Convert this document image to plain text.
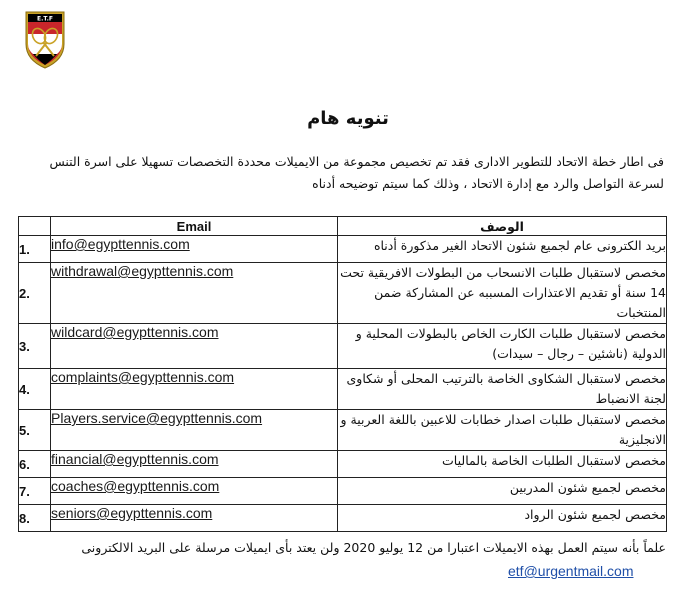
E.T.F
تنويه هام
فى اطار خطة الاتحاد للتطوير الادارى فقد تم تخصيص مجموعة من الايميلات محددة التخصصات تسهيلا على اسرة التنس لسرعة التواصل والرد مع إدارة الاتحاد ، وذلك كما سيتم توضيحه أدناه
	Email	الوصف
1.	info@egypttennis.com	بريد الكترونى عام لجميع شئون الاتحاد الغير مذكورة أدناه
2.	withdrawal@egypttennis.com	مخصص لاستقبال طلبات الانسحاب من البطولات الافريقية تحت 14 سنة أو تقديم الاعتذارات المسببه عن المشاركة ضمن المنتخبات
3.	wildcard@egypttennis.com	مخصص لاستقبال طلبات الكارت الخاص بالبطولات المحلية و الدولية (ناشئين – رجال – سيدات)
4.	complaints@egypttennis.com	مخصص لاستقبال الشكاوى الخاصة بالترتيب المحلى أو شكاوى لجنة الانضباط
5.	Players.service@egypttennis.com	مخصص لاستقبال طلبات اصدار خطابات للاعبين باللغة العربية و الانجليزية
6.	financial@egypttennis.com	مخصص لاستقبال الطلبات الخاصة بالماليات
7.	coaches@egypttennis.com	مخصص لجميع شئون المدربين
8.	seniors@egypttennis.com	مخصص لجميع شئون الرواد
علماً بأنه سيتم العمل بهذه الايميلات اعتبارا من 12 يوليو 2020 ولن يعتد بأى ايميلات مرسلة على البريد الالكترونى
etf@urgentmail.com
